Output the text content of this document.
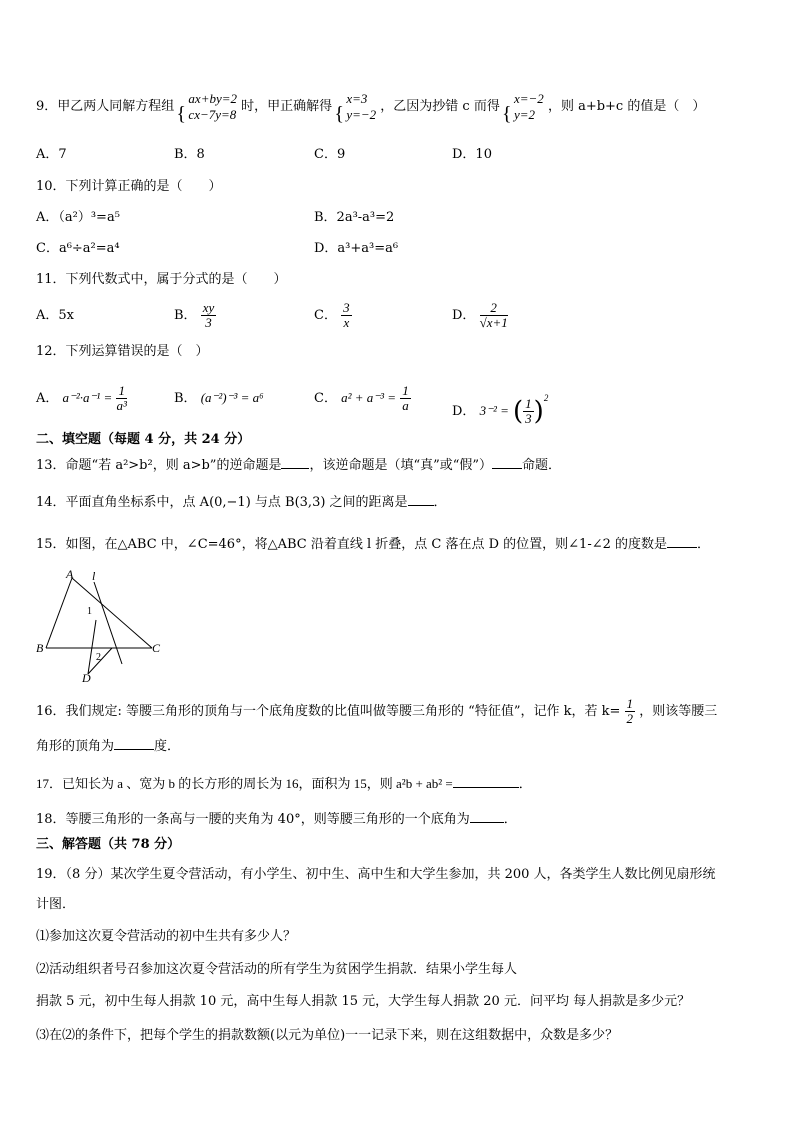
9．甲乙两人同解方程组
{ ax+by=2
cx−7y=8 时，甲正确解得
{ x=3
y=−2 ，乙因为抄错 c 而得
{ x=−2
y=2 ，则 a+b+c 的值是（　）
A．7	B．8	C．9	D．10
10．下列计算正确的是（　　）
A．（a²）³=a⁵	B．2a³-a³=2
C．a⁶÷a²=a⁴	D．a³+a³=a⁶
11．下列代数式中，属于分式的是（　　）
A．5x	B． $\frac{xy}{3}$	C． $\frac{3}{x}$	D． $\frac{2}{√x+1}$
12．下列运算错误的是（　）
A． $a^{-2}\cdot a^{-1} = \frac{1}{\text{a³}}$	B． (a⁻²)⁻³ = a⁶	C． $a^2 + a^{-3} = \frac{1}{a}$	D． 3⁻² = ( $\frac{1}{3} )^2$
二、填空题（每题 4 分，共 24 分）
13．命题“若 a²>b²，则 a>b”的逆命题是 ，该逆命题是（填“真”或“假”） 命题．
14．平面直角坐标系中，点 A(0,−1) 与点 B(3,3) 之间的距离是 ．
15．如图，在△ABC 中，∠C=46°，将△ABC 沿着直线 l 折叠，点 C 落在点 D 的位置，则∠1-∠2 的度数是 ．
A l
B	C
D
1
2
16．我们规定: 等腰三角形的顶角与一个底角度数的比值叫做等腰三角形的 “特征值”，记作 k，若 $k= \frac{1}{2}$ ，则该等腰三
角形的顶角为	度．
17．已知长为 a 、宽为 b 的长方形的周长为 16，面积为 15，则 a²b + ab² =	．
18．等腰三角形的一条高与一腰的夹角为 40°，则等腰三角形的一个底角为	．
三、解答题（共 78 分）
19．（8 分）某次学生夏令营活动，有小学生、初中生、高中生和大学生参加，共 200 人，各类学生人数比例见扇形统
计图．
⑴参加这次夏令营活动的初中生共有多少人？
⑵活动组织者号召参加这次夏令营活动的所有学生为贫困学生捐款．结果小学生每人
捐款 5 元，初中生每人捐款 10 元，高中生每人捐款 15 元，大学生每人捐款 20 元．问平均 每人捐款是多少元？
⑶在⑵的条件下，把每个学生的捐款数额(以元为单位)一一记录下来，则在这组数据中，众数是多少？
